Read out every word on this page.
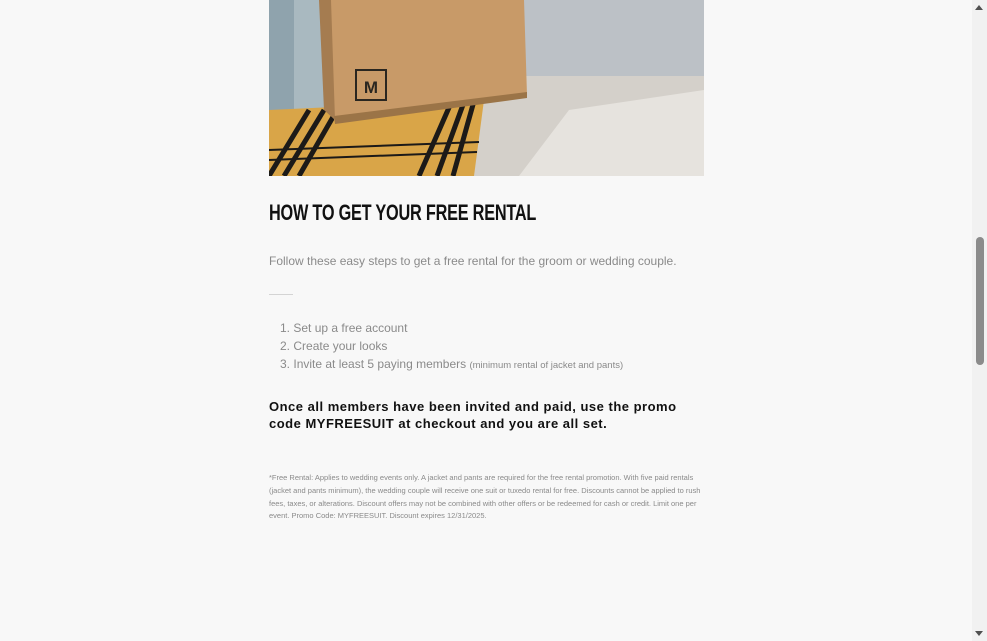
M
HOW TO GET YOUR FREE RENTAL
Follow these easy steps to get a free rental for the groom or wedding couple.
1. Set up a free account
2. Create your looks
3. Invite at least 5 paying members (minimum rental of jacket and pants)
Once all members have been invited and paid, use the promo code MYFREESUIT at checkout and you are all set.
*Free Rental: Applies to wedding events only. A jacket and pants are required for the free rental promotion. With five paid rentals (jacket and pants minimum), the wedding couple will receive one suit or tuxedo rental for free. Discounts cannot be applied to rush fees, taxes, or alterations. Discount offers may not be combined with other offers or be redeemed for cash or credit. Limit one per event. Promo Code: MYFREESUIT. Discount expires 12/31/2025.
